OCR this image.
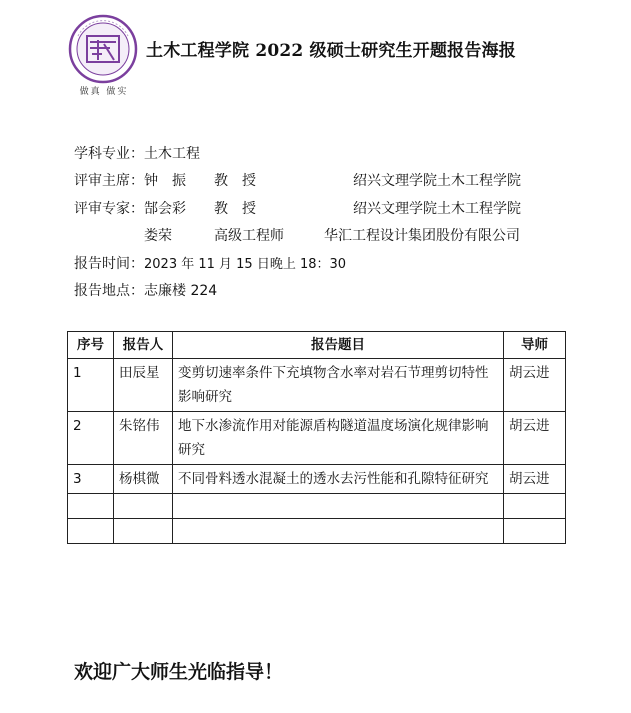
做真 做实
土木工程学院 2022 级硕士研究生开题报告海报
学科专业：土木工程
评审主席： 钟　振 教　授	绍兴文理学院土木工程学院
评审专家： 郜会彩 教　授	绍兴文理学院土木工程学院
娄荣	高级工程师	华汇工程设计集团股份有限公司
报告时间：2023 年 11 月 15 日晚上 18：30
报告地点：志廉楼 224
序号	报告人	报告题目	导师
1	田辰星	变剪切速率条件下充填物含水率对岩石节理剪切特性影响研究	胡云进
2	朱铭伟	地下水渗流作用对能源盾构隧道温度场演化规律影响研究	胡云进
3	杨棋微	不同骨料透水混凝土的透水去污性能和孔隙特征研究	胡云进

欢迎广大师生光临指导！
